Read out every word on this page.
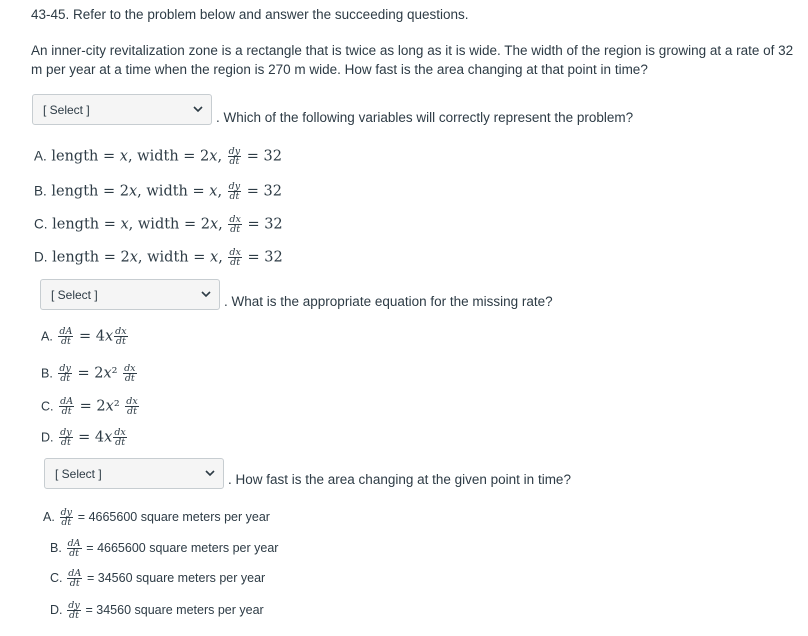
43-45. Refer to the problem below and answer the succeeding questions.
An inner-city revitalization zone is a rectangle that is twice as long as it is wide. The width of the region is growing at a rate of 32 m per year at a time when the region is 270 m wide. How fast is the area changing at that point in time?
[ Select ]	. Which of the following variables will correctly represent the problem?
A. length = x, width = 2x, $\frac{dy}{dt} = 32$
B. length = 2x, width = x, $\frac{dy}{dt} = 32$
C. length = x, width = 2x, $\frac{dx}{dt} = 32$
D. length = 2x, width = x, $\frac{dx}{dt} = 32$
[ Select ]	. What is the appropriate equation for the missing rate?
A. $\frac{dA}{dt} = 4x \frac{dx}{dt}$
B. $\frac{dy}{dt} = 2x^2 \frac{dx}{dt}$
C. $\frac{dA}{dt} = 2x^2 \frac{dx}{dt}$
D. $\frac{dy}{dt} = 4x \frac{dx}{dt}$
[ Select ]	. How fast is the area changing at the given point in time?
A. $\frac{dy}{dt} = 4665600$ square meters per year
B. $\frac{dA}{dt} = 4665600$ square meters per year
C. $\frac{dA}{dt} = 34560$ square meters per year
D. $\frac{dy}{dt} = 34560$ square meters per year
